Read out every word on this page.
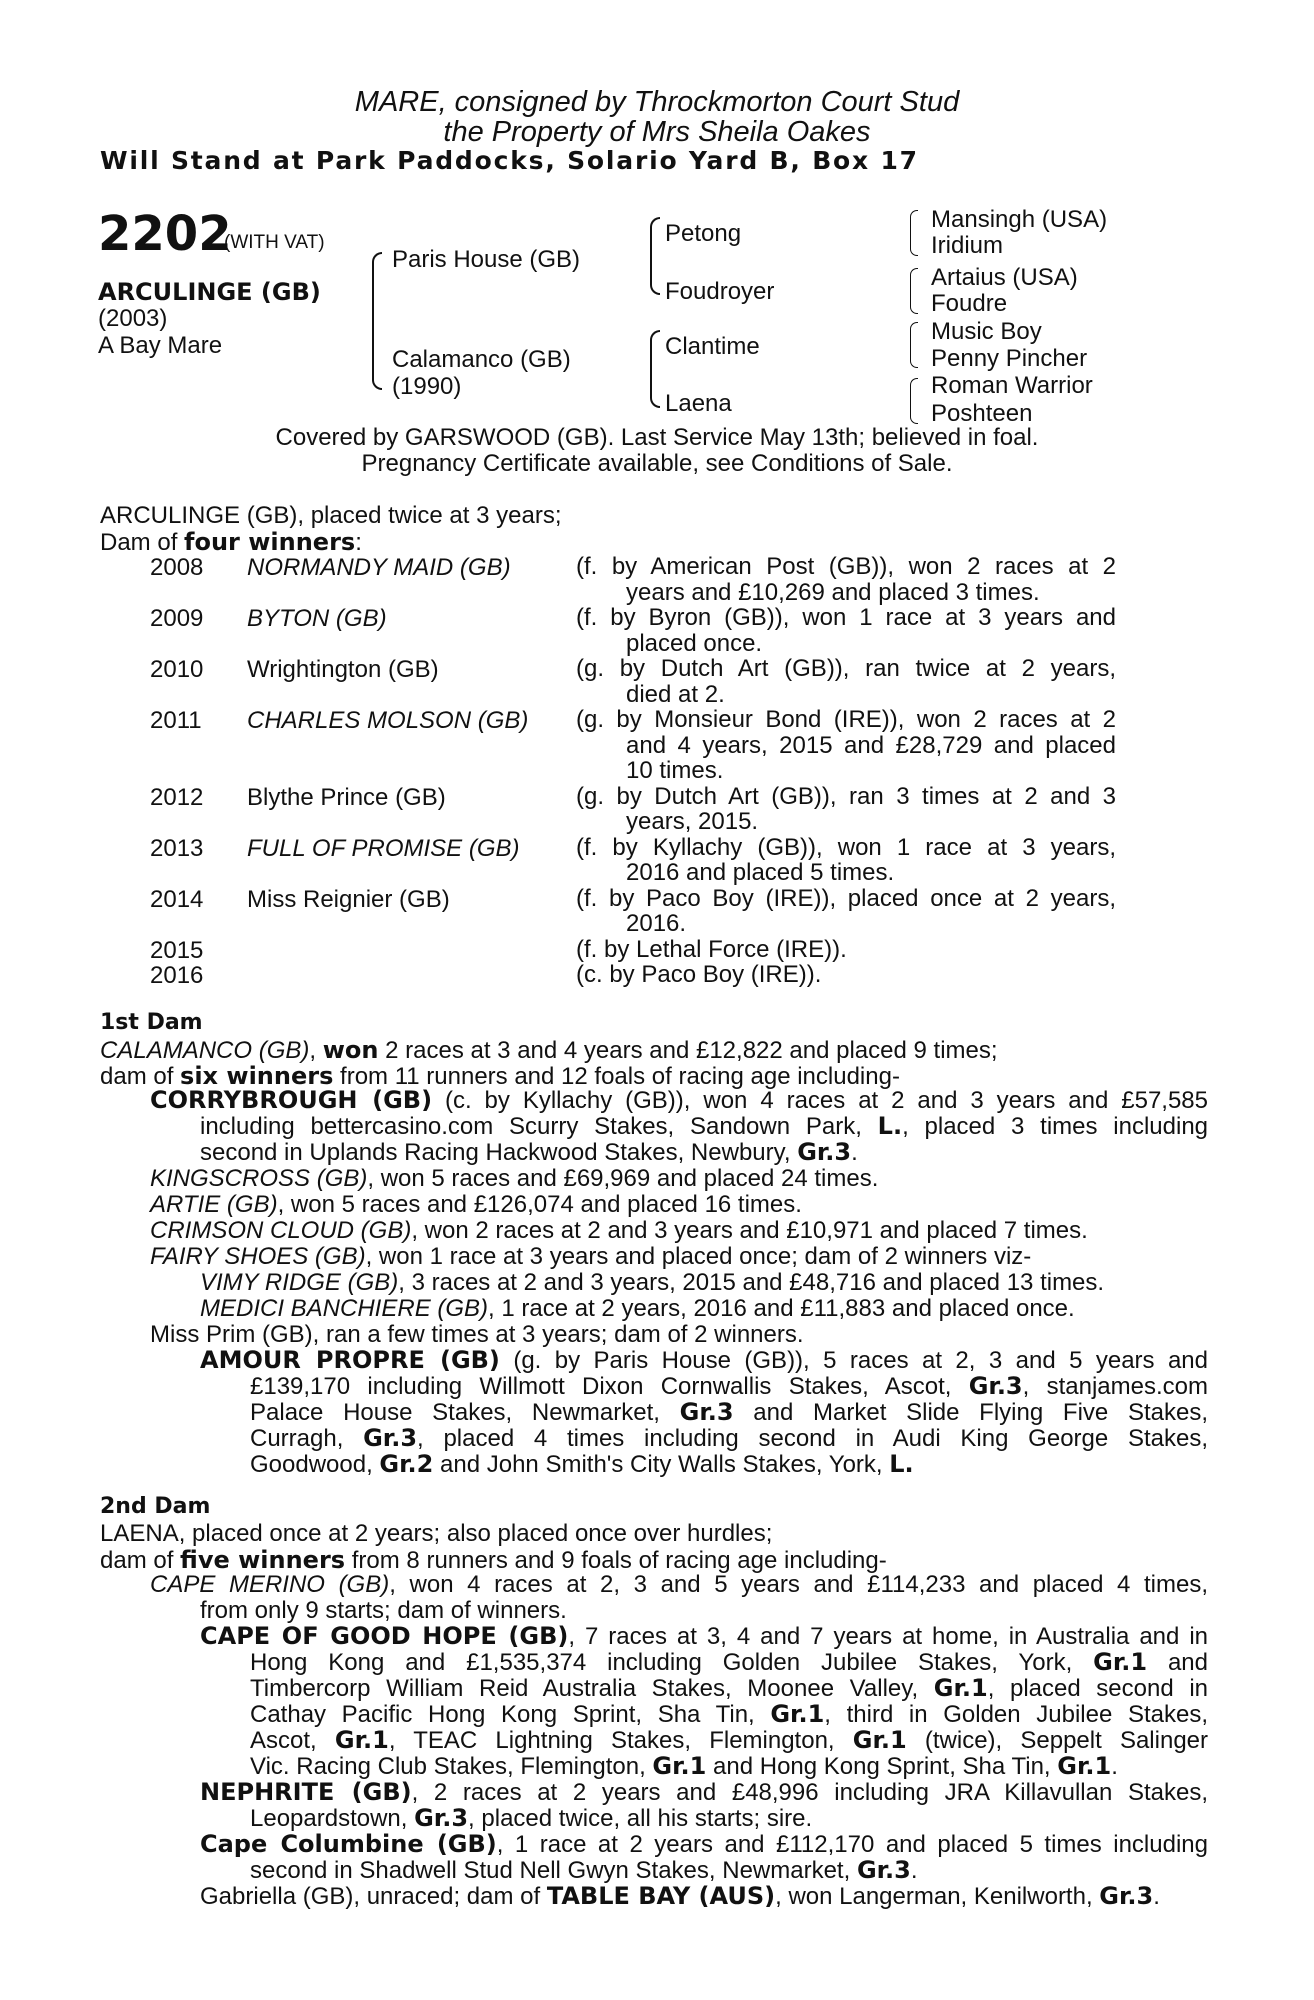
MARE, consigned by Throckmorton Court Stud
the Property of Mrs Sheila Oakes
Will Stand at Park Paddocks, Solario Yard B, Box 17
2202
(WITH VAT)
ARCULINGE (GB)
(2003)
A Bay Mare
Paris House (GB)
Calamanco (GB)
(1990)
Petong
Foudroyer
Clantime
Laena
Mansingh (USA)
Iridium
Artaius (USA)
Foudre
Music Boy
Penny Pincher
Roman Warrior
Poshteen
Covered by GARSWOOD (GB). Last Service May 13th; believed in foal.
Pregnancy Certificate available, see Conditions of Sale.
ARCULINGE (GB), placed twice at 3 years;
Dam of four winners:
2008 NORMANDY MAID (GB)	(f. by American Post (GB)), won 2 races at 2
years and £10,269 and placed 3 times.
2009 BYTON (GB)	(f. by Byron (GB)), won 1 race at 3 years and
placed once.
2010 Wrightington (GB)	(g. by Dutch Art (GB)), ran twice at 2 years,
died at 2.
2011 CHARLES MOLSON (GB) (g. by Monsieur Bond (IRE)), won 2 races at 2
and 4 years, 2015 and £28,729 and placed
10 times.
2012 Blythe Prince (GB)	(g. by Dutch Art (GB)), ran 3 times at 2 and 3
years, 2015.
2013 FULL OF PROMISE (GB) (f. by Kyllachy (GB)), won 1 race at 3 years,
2016 and placed 5 times.
2014 Miss Reignier (GB)	(f. by Paco Boy (IRE)), placed once at 2 years,
2016.
2015	(f. by Lethal Force (IRE)).
2016	(c. by Paco Boy (IRE)).
1st Dam
CALAMANCO (GB), won 2 races at 3 and 4 years and £12,822 and placed 9 times;
dam of six winners from 11 runners and 12 foals of racing age including-
CORRYBROUGH (GB) (c. by Kyllachy (GB)), won 4 races at 2 and 3 years and £57,585
including bettercasino.com Scurry Stakes, Sandown Park, L., placed 3 times including
second in Uplands Racing Hackwood Stakes, Newbury, Gr.3.
KINGSCROSS (GB), won 5 races and £69,969 and placed 24 times.
ARTIE (GB), won 5 races and £126,074 and placed 16 times.
CRIMSON CLOUD (GB), won 2 races at 2 and 3 years and £10,971 and placed 7 times.
FAIRY SHOES (GB), won 1 race at 3 years and placed once; dam of 2 winners viz-
VIMY RIDGE (GB), 3 races at 2 and 3 years, 2015 and £48,716 and placed 13 times.
MEDICI BANCHIERE (GB), 1 race at 2 years, 2016 and £11,883 and placed once.
Miss Prim (GB), ran a few times at 3 years; dam of 2 winners.
AMOUR PROPRE (GB) (g. by Paris House (GB)), 5 races at 2, 3 and 5 years and
£139,170 including Willmott Dixon Cornwallis Stakes, Ascot, Gr.3, stanjames.com
Palace House Stakes, Newmarket, Gr.3 and Market Slide Flying Five Stakes,
Curragh, Gr.3, placed 4 times including second in Audi King George Stakes,
Goodwood, Gr.2 and John Smith's City Walls Stakes, York, L.
2nd Dam
LAENA, placed once at 2 years; also placed once over hurdles;
dam of five winners from 8 runners and 9 foals of racing age including-
CAPE MERINO (GB), won 4 races at 2, 3 and 5 years and £114,233 and placed 4 times,
from only 9 starts; dam of winners.
CAPE OF GOOD HOPE (GB), 7 races at 3, 4 and 7 years at home, in Australia and in
Hong Kong and £1,535,374 including Golden Jubilee Stakes, York, Gr.1 and
Timbercorp William Reid Australia Stakes, Moonee Valley, Gr.1, placed second in
Cathay Pacific Hong Kong Sprint, Sha Tin, Gr.1, third in Golden Jubilee Stakes,
Ascot, Gr.1, TEAC Lightning Stakes, Flemington, Gr.1 (twice), Seppelt Salinger
Vic. Racing Club Stakes, Flemington, Gr.1 and Hong Kong Sprint, Sha Tin, Gr.1.
NEPHRITE (GB), 2 races at 2 years and £48,996 including JRA Killavullan Stakes,
Leopardstown, Gr.3, placed twice, all his starts; sire.
Cape Columbine (GB), 1 race at 2 years and £112,170 and placed 5 times including
second in Shadwell Stud Nell Gwyn Stakes, Newmarket, Gr.3.
Gabriella (GB), unraced; dam of TABLE BAY (AUS), won Langerman, Kenilworth, Gr.3.
